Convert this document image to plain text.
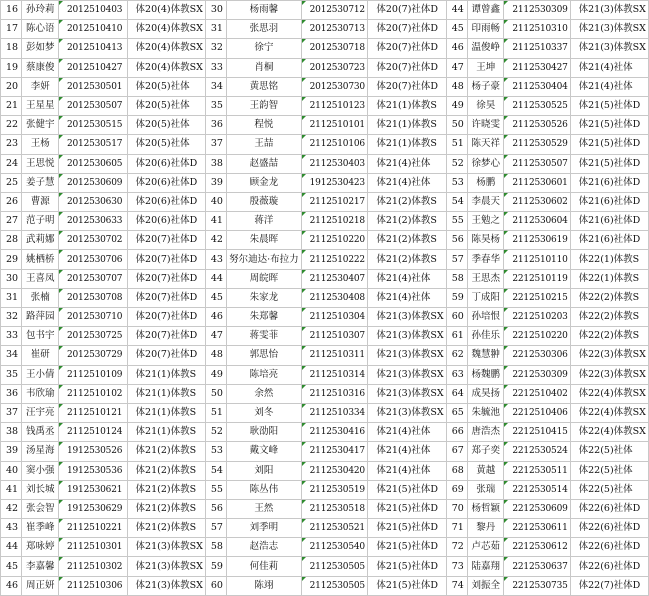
16	孙玲莉	2012510403	体20(4)体教SX	30	杨雨馨	2012530712	体20(7)社体D	44	谭曾鑫	2112530309	体21(3)体教SX
17	陈心语	2012510410	体20(4)体教SX	31	张思羽	2012530713	体20(7)社体D	45	印雨畅	2112510310	体21(3)体教SX
18	彭如梦	2012510413	体20(4)体教SX	32	徐宁	2012530718	体20(7)社体D	46	温俊峥	2112510337	体21(3)体教SX
19	蔡康俊	2012510427	体20(4)体教SX	33	肖桐	2012530723	体20(7)社体D	47	王坤	2112530427	体21(4)社体
20	李妍	2012530501	体20(5)社体	34	黄思铭	2012530730	体20(7)社体D	48	杨子豪	2112530404	体21(4)社体
21	王星星	2012530507	体20(5)社体	35	王韵智	2112510123	体21(1)体教S	49	徐昊	2112530525	体21(5)社体D
22	张健宇	2012530515	体20(5)社体	36	程悦	2112510101	体21(1)体教S	50	许晓雯	2112530526	体21(5)社体D
23	王杨	2012530517	体20(5)社体	37	王喆	2112510106	体21(1)体教S	51	陈天祥	2112530529	体21(5)社体D
24	王思悦	2012530605	体20(6)社体D	38	赵盛喆	2112530403	体21(4)社体	52	徐梦心	2112530507	体21(5)社体D
25	姜子慧	2012530609	体20(6)社体D	39	顾金龙	1912530423	体21(4)社体	53	杨鹏	2112530601	体21(6)社体D
26	曹源	2012530630	体20(6)社体D	40	殷薇璇	2112510217	体21(2)体教S	54	李晨天	2112530602	体21(6)社体D
27	范子明	2012530633	体20(6)社体D	41	蒋洋	2112510218	体21(2)体教S	55	王勉之	2112530604	体21(6)社体D
28	武莉娜	2012530702	体20(7)社体D	42	朱晨晖	2112510220	体21(2)体教S	56	陈昊杨	2112530619	体21(6)社体D
29	姚栖桥	2012530706	体20(7)社体D	43	努尔迪达·布拉力	2112510222	体21(2)体教S	57	季春华	2112510110	体22(1)体教S
30	王喜凤	2012530707	体20(7)社体D	44	周皖晖	2112530407	体21(4)社体	58	王思杰	2212510119	体22(1)体教S
31	张楠	2012530708	体20(7)社体D	45	朱家龙	2112530408	体21(4)社体	59	丁成阳	2212510215	体22(2)体教S
32	路萍园	2012530710	体20(7)社体D	46	朱郑馨	2112510304	体21(3)体教SX	60	孙培恨	2212510203	体22(2)体教S
33	包书宇	2012530725	体20(7)社体D	47	蒋雯菲	2112510307	体21(3)体教SX	61	孙佳乐	2212510220	体22(2)体教S
34	崔研	2012530729	体20(7)社体D	48	郭思怡	2112510311	体21(3)体教SX	62	魏慧翀	2212530306	体22(3)体教SX
35	王小倩	2112510109	体21(1)体教S	49	陈培亮	2112510314	体21(3)体教SX	63	杨魏鹏	2212530309	体22(3)体教SX
36	韦欣瑜	2112510102	体21(1)体教S	50	余然	2112510316	体21(3)体教SX	64	成昊扬	2212510402	体22(4)体教SX
37	汪宇亮	2112510121	体21(1)体教S	51	刘冬	2112510334	体21(3)体教SX	65	朱毓池	2212510406	体22(4)体教SX
38	钱禹丞	2112510124	体21(1)体教S	52	耿劭阳	2112530416	体21(4)社体	66	唐浩杰	2212510415	体22(4)体教SX
39	汤星海	1912530526	体21(2)体教S	53	戴文峰	2112530417	体21(4)社体	67	郑子奕	2212530524	体22(5)社体
40	窦小强	1912530536	体21(2)体教S	54	刘阳	2112530420	体21(4)社体	68	黄越	2212530511	体22(5)社体
41	刘长城	1912530621	体21(2)体教S	55	陈丛伟	2112530519	体21(5)社体D	69	张瑞	2212530514	体22(5)社体
42	张会智	1912530629	体21(2)体教S	56	王然	2112530518	体21(5)社体D	70	杨哲颖	2212530609	体22(6)社体D
43	崔季峰	2112510221	体21(2)体教S	57	刘季明	2112530521	体21(5)社体D	71	黎丹	2212530611	体22(6)社体D
44	郑咏婷	2112510301	体21(3)体教SX	58	赵浩志	2112530540	体21(5)社体D	72	卢芯茹	2212530612	体22(6)社体D
45	李嘉馨	2112510302	体21(3)体教SX	59	何佳莉	2112530505	体21(5)社体D	73	陆嘉翔	2212530637	体22(6)社体D
46	周正妍	2112510306	体21(3)体教SX	60	陈翊	2112530505	体21(5)社体D	74	刘振全	2212530735	体22(7)社体D
